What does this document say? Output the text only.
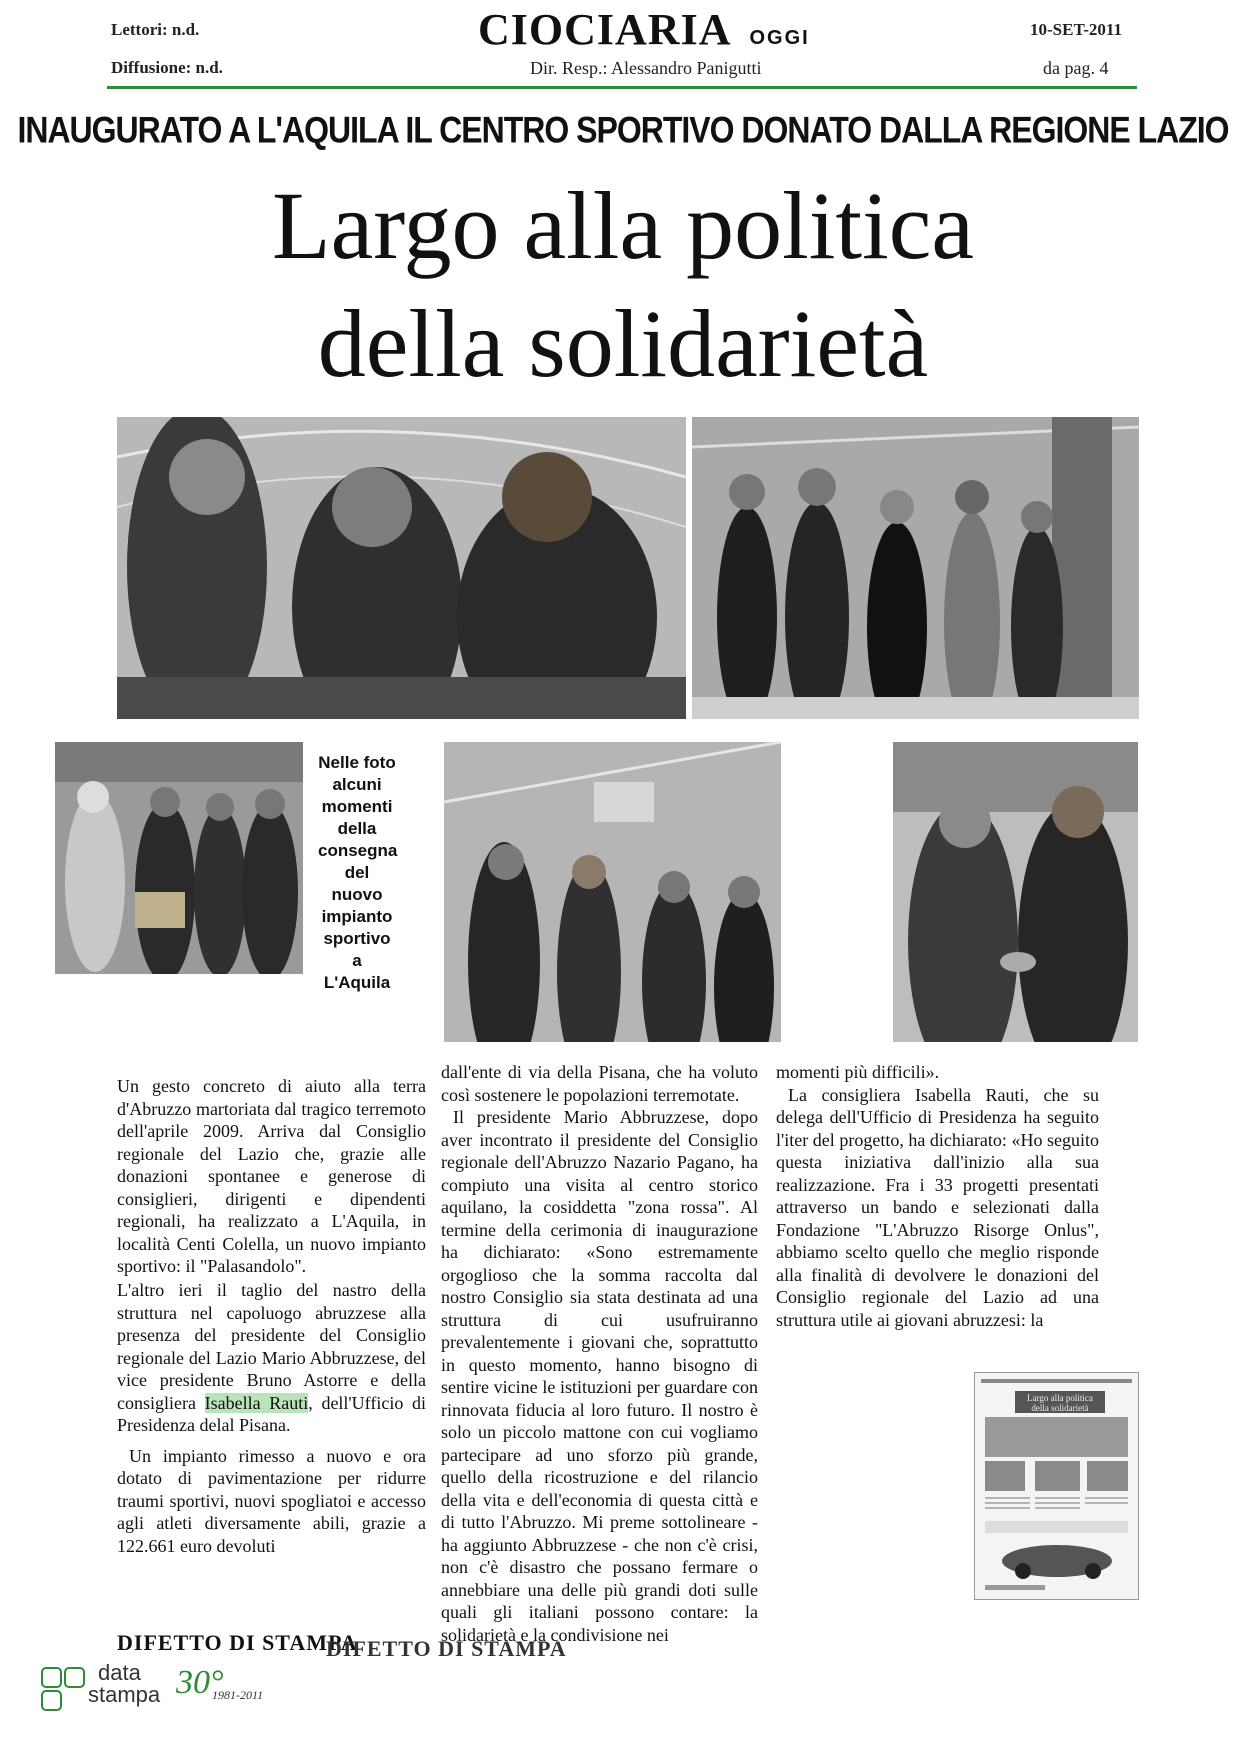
Lettori: n.d.
Diffusione: n.d.
CIOCIARIA OGGI
Dir. Resp.: Alessandro Panigutti
10-SET-2011
da pag. 4
INAUGURATO A L'AQUILA IL CENTRO SPORTIVO DONATO DALLA REGIONE LAZIO
Largo alla politica
della solidarietà
Nelle foto alcuni momenti della consegna del nuovo impianto sportivo a L'Aquila

Un gesto concreto di aiuto alla terra d'Abruzzo martoriata dal tragico terremoto dell'aprile 2009. Arriva dal Consiglio regionale del Lazio che, grazie alle donazioni spontanee e generose di consiglieri, dirigenti e dipendenti regionali, ha realizzato a L'Aquila, in località Centi Colella, un nuovo impianto sportivo: il "Palasandolo".

L'altro ieri il taglio del nastro della struttura nel capoluogo abruzzese alla presenza del presidente del Consiglio regionale del Lazio Mario Abbruzzese, del vice presidente Bruno Astorre e della consigliera Isabella Rauti, dell'Ufficio di Presidenza delal Pisana.

Un impianto rimesso a nuovo e ora dotato di pavimentazione per ridurre traumi sportivi, nuovi spogliatoi e accesso agli atleti diversamente abili, grazie a 122.661 euro devoluti

dall'ente di via della Pisana, che ha voluto così sostenere le popolazioni terremotate.

Il presidente Mario Abbruzzese, dopo aver incontrato il presidente del Consiglio regionale dell'Abruzzo Nazario Pagano, ha compiuto una visita al centro storico aquilano, la cosiddetta "zona rossa". Al termine della cerimonia di inaugurazione ha dichiarato: «Sono estremamente orgoglioso che la somma raccolta dal nostro Consiglio sia stata destinata ad una struttura di cui usufruiranno prevalentemente i giovani che, soprattutto in questo momento, hanno bisogno di sentire vicine le istituzioni per guardare con rinnovata fiducia al loro futuro. Il nostro è solo un piccolo mattone con cui vogliamo partecipare ad uno sforzo più grande, quello della ricostruzione e del rilancio della vita e dell'economia di questa città e di tutto l'Abruzzo. Mi preme sottolineare - ha aggiunto Abbruzzese - che non c'è crisi, non c'è disastro che possano fermare o annebbiare una delle più grandi doti sulle quali gli italiani possono contare: la solidarietà e la condivisione nei

momenti più difficili».

La consigliera Isabella Rauti, che su delega dell'Ufficio di Presidenza ha seguito l'iter del progetto, ha dichiarato: «Ho seguito questa iniziativa dall'inizio alla sua realizzazione. Fra i 33 progetti presentati attraverso un bando e selezionati dalla Fondazione "L'Abruzzo Risorge Onlus", abbiamo scelto quello che meglio risponde alla finalità di devolvere le donazioni del Consiglio regionale del Lazio ad una struttura utile ai giovani abruzzesi: la

Largo alla politica
della solidarietà
DIFETTO DI STAMPA
DIFETTO DI STAMPA
data
stampa 30°
1981-2011
